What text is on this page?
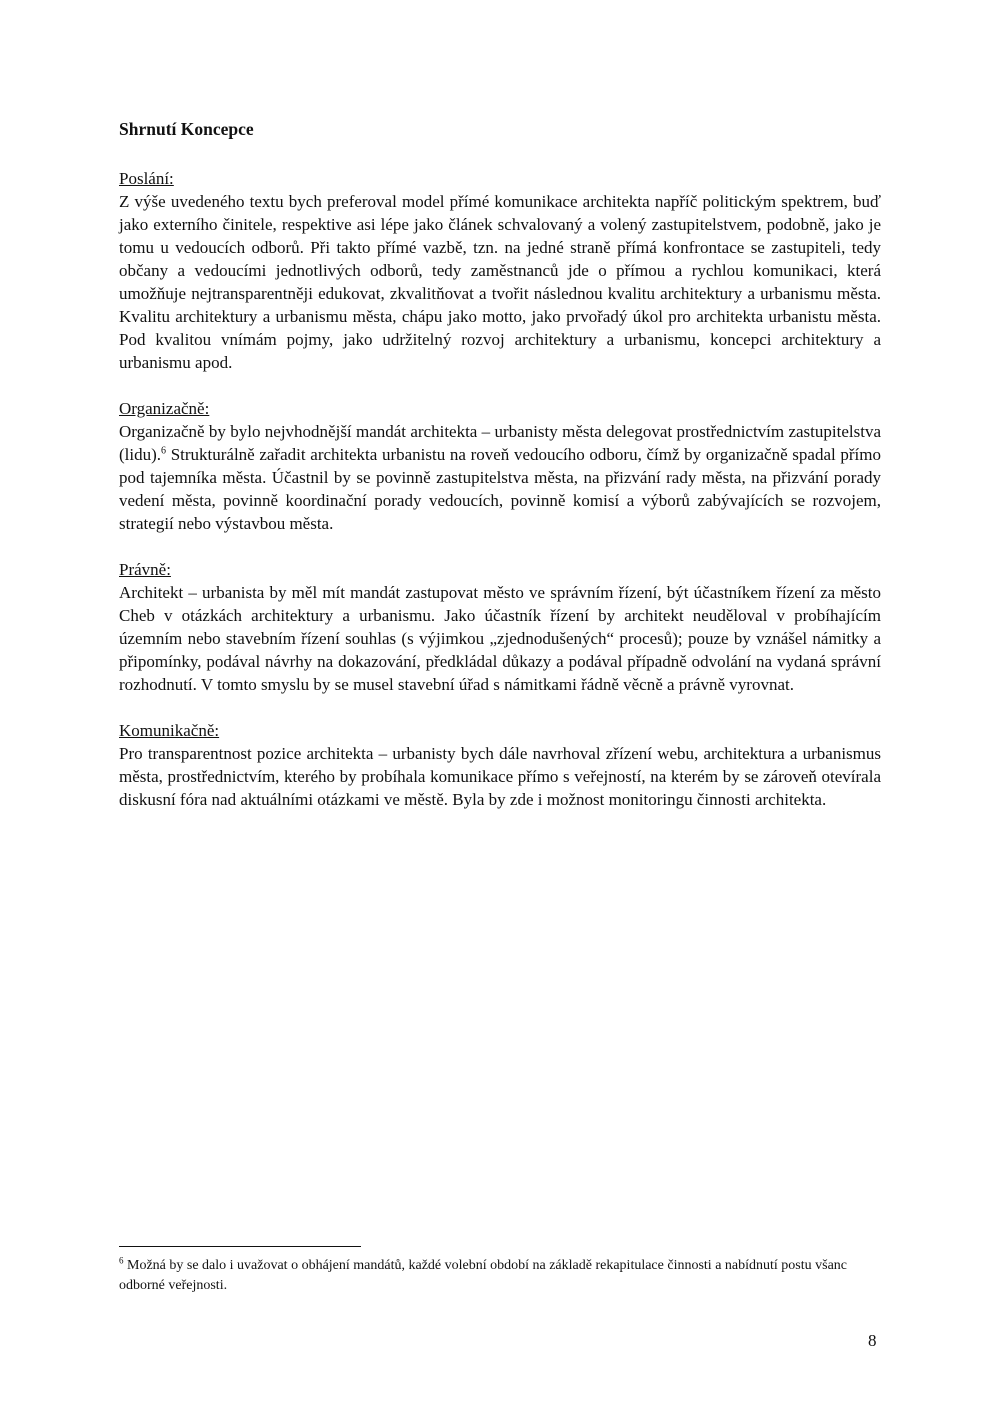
Shrnutí Koncepce

Poslání:

Z výše uvedeného textu bych preferoval model přímé komunikace architekta napříč politickým spektrem, buď jako externího činitele, respektive asi lépe jako článek schvalovaný a volený zastupitelstvem, podobně, jako je tomu u vedoucích odborů. Při takto přímé vazbě, tzn. na jedné straně přímá konfrontace se zastupiteli, tedy občany a vedoucími jednotlivých odborů, tedy zaměstnanců jde o přímou a rychlou komunikaci, která umožňuje nejtransparentněji edukovat, zkvalitňovat a tvořit následnou kvalitu architektury a urbanismu města. Kvalitu architektury a urbanismu města, chápu jako motto, jako prvořadý úkol pro architekta urbanistu města. Pod kvalitou vnímám pojmy, jako udržitelný rozvoj architektury a urbanismu, koncepci architektury a urbanismu apod.

Organizačně:

Organizačně by bylo nejvhodnější mandát architekta – urbanisty města delegovat prostřednictvím zastupitelstva (lidu).$^6$ Strukturálně zařadit architekta urbanistu na roveň vedoucího odboru, čímž by organizačně spadal přímo pod tajemníka města. Účastnil by se povinně zastupitelstva města, na přizvání rady města, na přizvání porady vedení města, povinně koordinační porady vedoucích, povinně komisí a výborů zabývajících se rozvojem, strategií nebo výstavbou města.

Právně:

Architekt – urbanista by měl mít mandát zastupovat město ve správním řízení, být účastníkem řízení za město Cheb v otázkách architektury a urbanismu. Jako účastník řízení by architekt neuděloval v probíhajícím územním nebo stavebním řízení souhlas (s výjimkou „zjednodušených“ procesů); pouze by vznášel námitky a připomínky, podával návrhy na dokazování, předkládal důkazy a podával případně odvolání na vydaná správní rozhodnutí. V tomto smyslu by se musel stavební úřad s námitkami řádně věcně a právně vyrovnat.

Komunikačně:

Pro transparentnost pozice architekta – urbanisty bych dále navrhoval zřízení webu, architektura a urbanismus města, prostřednictvím, kterého by probíhala komunikace přímo s veřejností, na kterém by se zároveň otevírala diskusní fóra nad aktuálními otázkami ve městě. Byla by zde i možnost monitoringu činnosti architekta.

$^6$ Možná by se dalo i uvažovat o obhájení mandátů, každé volební období na základě rekapitulace činnosti a nabídnutí postu všanc odborné veřejnosti.
8
